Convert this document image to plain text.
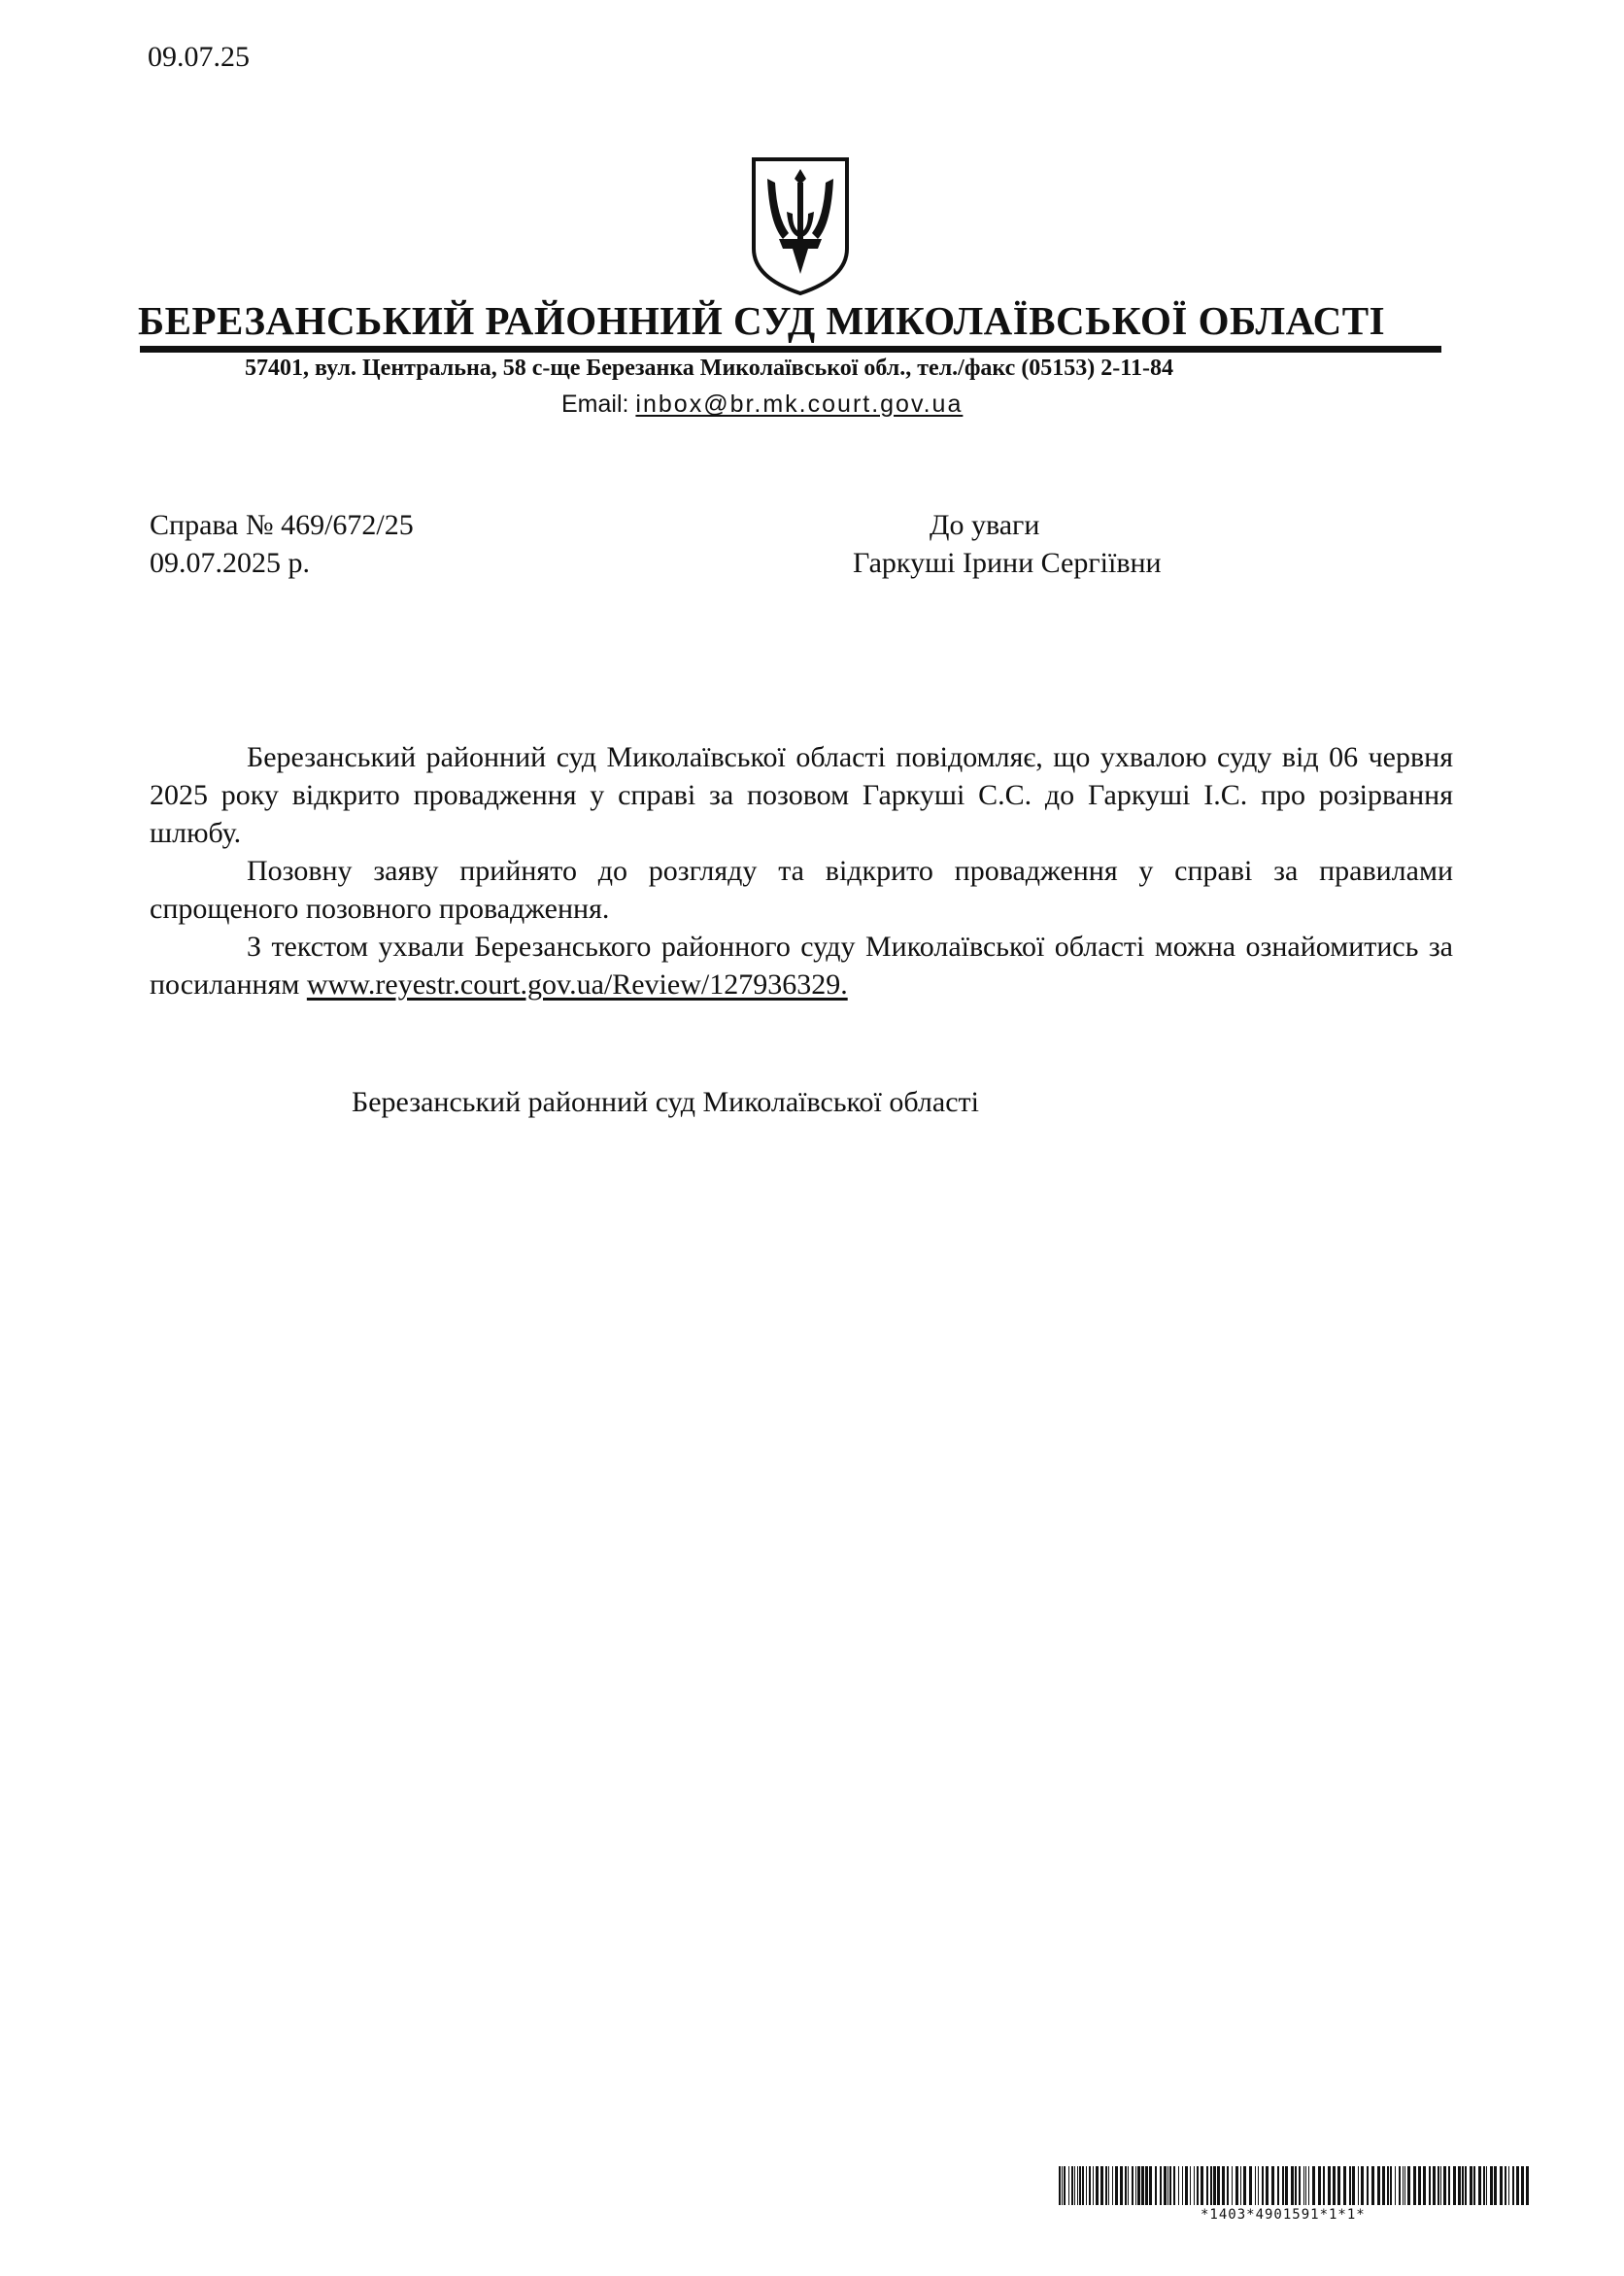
09.07.25
БЕРЕЗАНСЬКИЙ РАЙОННИЙ СУД МИКОЛАЇВСЬКОЇ ОБЛАСТІ
57401, вул. Центральна, 58 с-ще Березанка Миколаївської обл., тел./факс (05153) 2-11-84
Email: inbox@br.mk.court.gov.ua
Справа № 469/672/25
09.07.2025 р.
До уваги
Гаркуші Ірини Сергіївни

Березанський районний суд Миколаївської області повідомляє, що ухвалою суду від 06 червня 2025 року відкрито провадження у справі за позовом Гаркуші С.С. до Гаркуші І.С. про розірвання шлюбу.

Позовну заяву прийнято до розгляду та відкрито провадження у справі за правилами спрощеного позовного провадження.

З текстом ухвали Березанського районного суду Миколаївської області можна ознайомитись за посиланням www.reyestr.court.gov.ua/Review/127936329.

Березанський районний суд Миколаївської області
*1403*4901591*1*1*
